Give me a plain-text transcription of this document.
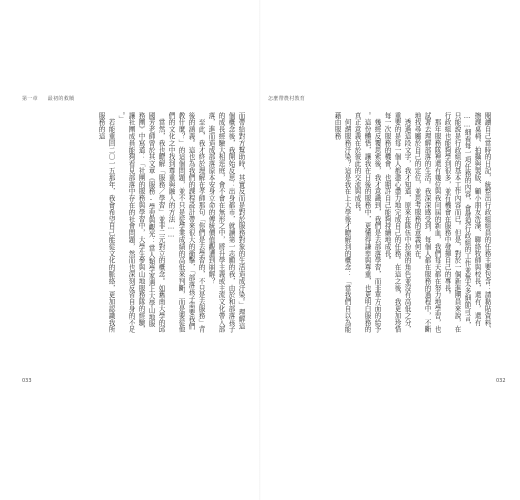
第一章 最初的救贖

而帶給對方幫助時，其實反而是對於服務對象的生活造成汙染。」理解這個概念後，我開始反思：出身都市，就讀第一志願的我，由於和部落孩子的成長經驗大相逕庭，會不會在無形之中，將升學主義或主流文化帶入部落，進而造成部落原本安身立命的傳統價值觀遭到崩解？

至此，我才終於理解在孝師那句「你們是去學習的，不只是去服務」背後的涵義。這也為我們的課程設計帶來很大的衝擊，「部落孩子需要我們教什麼？」的這個問題，並不只是從學業成績的高低來判斷，而是要從他們的文化之中找到尊重與融入的方法……

當然，我也瞭解「服務／學習」並非二元對立的概念。如舊南大學的邱國芳老師曾於其文章《服務-學習與觀光：當人類學家遇上大學山地服務團》中寫道：「社團的服務與學習中，大學生參與山地服務隊的經驗，讓社團成員能夠看見部落中存在的社會問題，然而也深刻反省自身的不足。」

若能重回二〇一五那年，我會希望自己能從文化的脈絡，更加認識我所服務的這

033
怎麼帶農村教育

閱讀自己當時的日記，統整出行政組組員的任務主要包含：請黏貼資料、擦課桌椅、拍攝與製版、顧小朋友洗澡、聯絡牧師與校長，還有，還有……細看每一項任務的內容，會發現行政組的工作並無太多細節可言，只能說是行政組的基本工作內容而已。但是，對於一個新進團員來說，在行政組也能夠學到很多，並有機會在服務中發揮自己的專長。

那年服務隊裡還有幾位與我同屆的新血，我們每天都在努力地學習，也試著去理解部落的生活。我深深感受到，每個人都在服務的過程中，不斷地找尋屬於自己的定位，並思考服務的意義何在。

透過這段文字，我才知道，原來在隊伍中扮演的角色並沒有高低之分，重要的是每一個人都盡心盡力地完成自己的任務。在這之後，我更加珍惜每一次服務的機會，也期許自己能夠持續地成長。

幾經反覆思索後，我才意識到，我們是去部落學習，而非單方面的給予。這份體悟，讓我在日後的服務中，更懂得謙卑與尊重，也更明白服務的真正意義在於彼此的交流與成長。

何謂服務汙染？這是我在上大學後才瞭解到的概念：「當我們自以為能藉由服務

032
